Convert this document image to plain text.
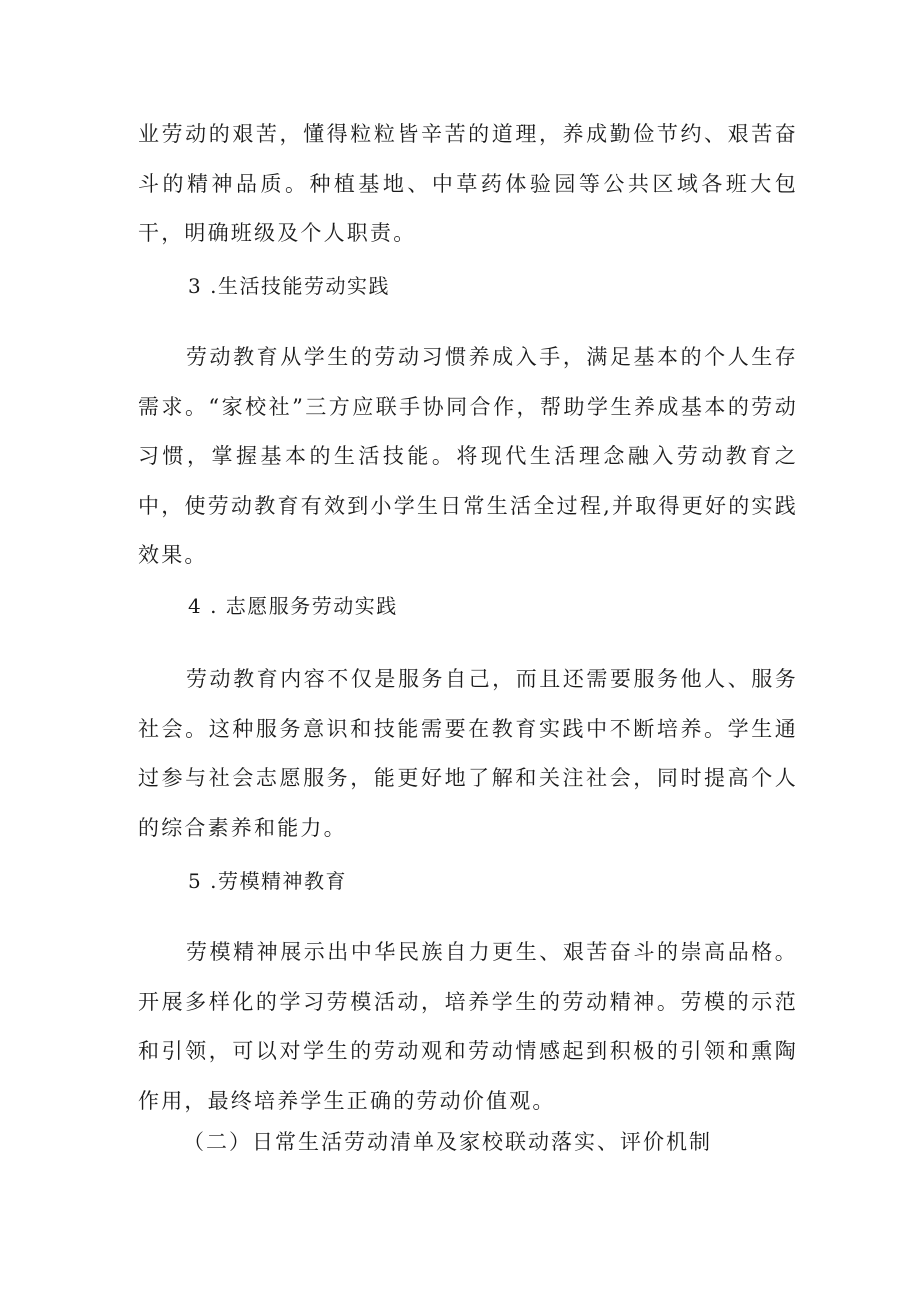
业劳动的艰苦，懂得粒粒皆辛苦的道理，养成勤俭节约、艰苦奋斗的精神品质。种植基地、中草药体验园等公共区域各班大包干，明确班级及个人职责。

3 .生活技能劳动实践

劳动教育从学生的劳动习惯养成入手，满足基本的个人生存需求。“家校社”三方应联手协同合作，帮助学生养成基本的劳动习惯，掌握基本的生活技能。将现代生活理念融入劳动教育之中，使劳动教育有效到小学生日常生活全过程,并取得更好的实践效果。

4 . 志愿服务劳动实践

劳动教育内容不仅是服务自己，而且还需要服务他人、服务社会。这种服务意识和技能需要在教育实践中不断培养。学生通过参与社会志愿服务，能更好地了解和关注社会，同时提高个人的综合素养和能力。

5 .劳模精神教育

劳模精神展示出中华民族自力更生、艰苦奋斗的崇高品格。开展多样化的学习劳模活动，培养学生的劳动精神。劳模的示范和引领，可以对学生的劳动观和劳动情感起到积极的引领和熏陶作用，最终培养学生正确的劳动价值观。

（二）日常生活劳动清单及家校联动落实、评价机制
